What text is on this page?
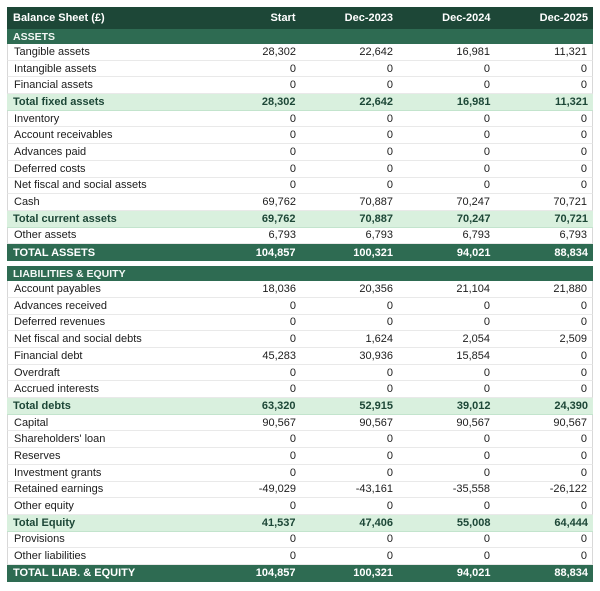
Balance Sheet (£)	Start	Dec-2023	Dec-2024	Dec-2025
ASSETS
Tangible assets	28,302	22,642	16,981	11,321
Intangible assets	0	0	0	0
Financial assets	0	0	0	0
Total fixed assets	28,302	22,642	16,981	11,321
Inventory	0	0	0	0
Account receivables	0	0	0	0
Advances paid	0	0	0	0
Deferred costs	0	0	0	0
Net fiscal and social assets	0	0	0	0
Cash	69,762	70,887	70,247	70,721
Total current assets	69,762	70,887	70,247	70,721
Other assets	6,793	6,793	6,793	6,793
TOTAL ASSETS	104,857	100,321	94,021	88,834
LIABILITIES & EQUITY
Account payables	18,036	20,356	21,104	21,880
Advances received	0	0	0	0
Deferred revenues	0	0	0	0
Net fiscal and social debts	0	1,624	2,054	2,509
Financial debt	45,283	30,936	15,854	0
Overdraft	0	0	0	0
Accrued interests	0	0	0	0
Total debts	63,320	52,915	39,012	24,390
Capital	90,567	90,567	90,567	90,567
Shareholders' loan	0	0	0	0
Reserves	0	0	0	0
Investment grants	0	0	0	0
Retained earnings	-49,029	-43,161	-35,558	-26,122
Other equity	0	0	0	0
Total Equity	41,537	47,406	55,008	64,444
Provisions	0	0	0	0
Other liabilities	0	0	0	0
TOTAL LIAB. & EQUITY	104,857	100,321	94,021	88,834
